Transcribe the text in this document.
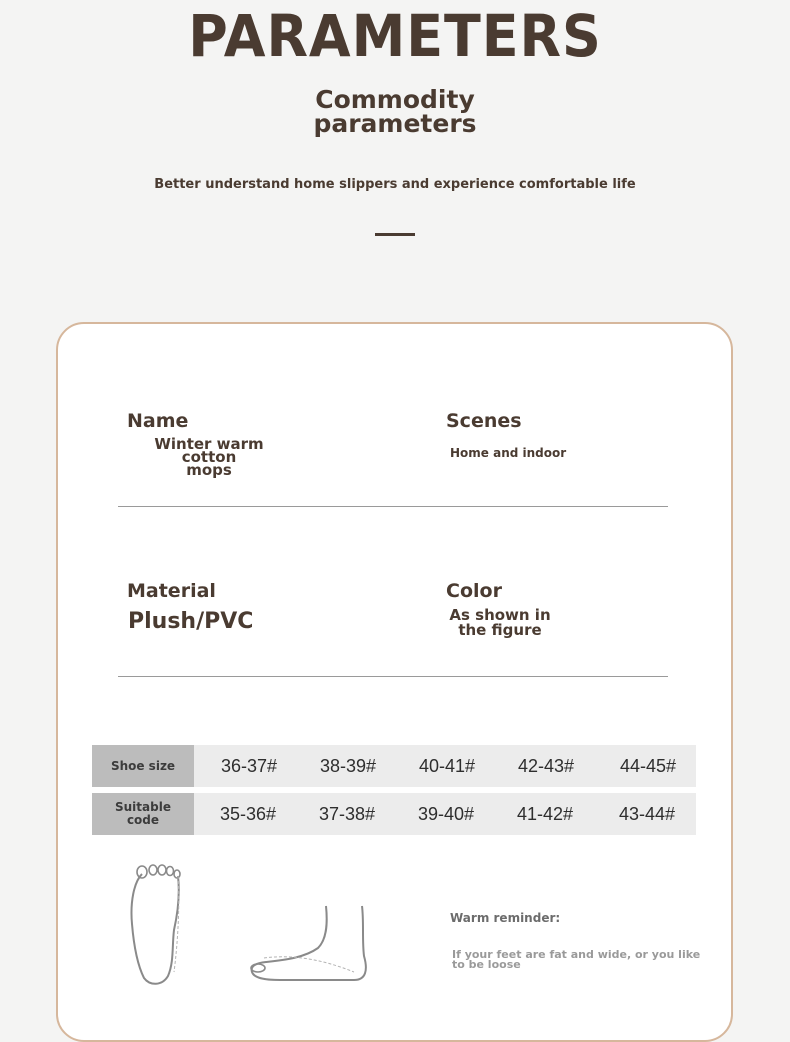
PARAMETERS
Commodity
parameters
Better understand home slippers and experience comfortable life
Name
Winter warm cotton
mops
Scenes
Home and indoor
Material
Plush/PVC
Color
As shown in
the figure
Shoe size	36-37#	38-39#	40-41#	42-43#	44-45#
Suitable
code	35-36#	37-38#	39-40#	41-42#	43-44#
Warm reminder:
If your feet are fat and wide, or you like
to be loose
